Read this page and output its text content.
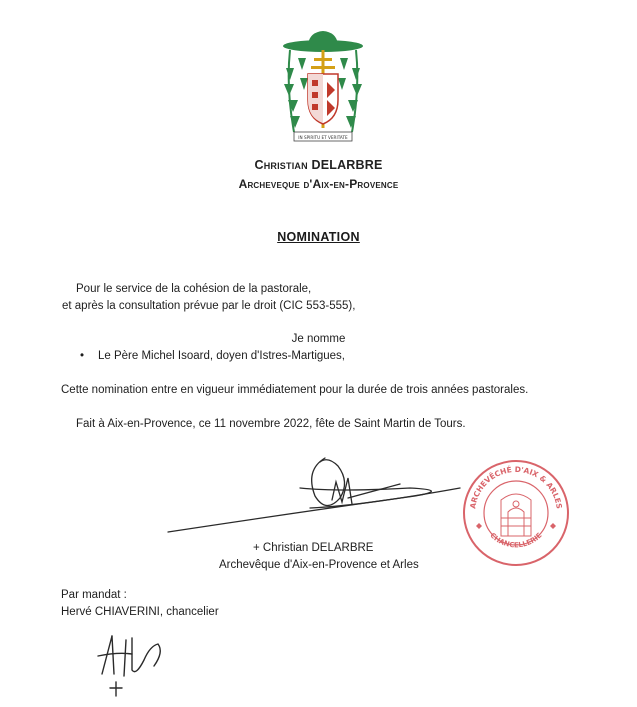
IN SPIRITU ET VERITATE
Christian DELARBRE
Archeveque d'Aix-en-Provence
NOMINATION
Pour le service de la cohésion de la pastorale,
et après la consultation prévue par le droit (CIC 553-555),
Je nomme
• Le Père Michel Isoard, doyen d'Istres-Martigues,
Cette nomination entre en vigueur immédiatement pour la durée de trois années pastorales.
Fait à Aix-en-Provence, ce 11 novembre 2022, fête de Saint Martin de Tours.
ARCHEVÊCHÉ D'AIX & ARLES
CHANCELLERIE
+ Christian DELARBRE
Archevêque d'Aix-en-Provence et Arles
Par mandat :
Hervé CHIAVERINI, chancelier
